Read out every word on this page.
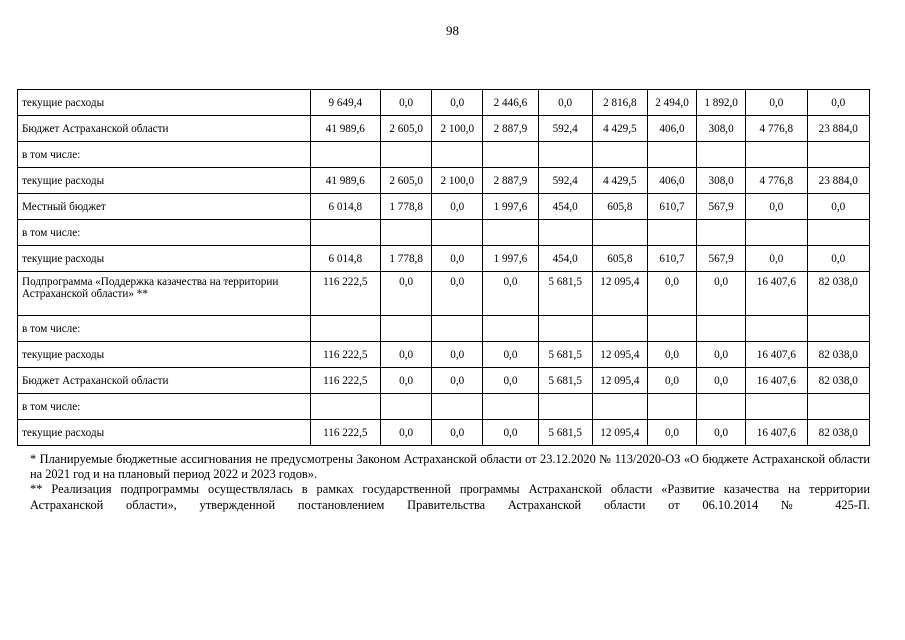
98
текущие расходы	9 649,4	0,0	0,0	2 446,6	0,0	2 816,8	2 494,0	1 892,0	0,0	0,0
Бюджет Астраханской области	41 989,6	2 605,0	2 100,0	2 887,9	592,4	4 429,5	406,0	308,0	4 776,8	23 884,0
в том числе:										
текущие расходы	41 989,6	2 605,0	2 100,0	2 887,9	592,4	4 429,5	406,0	308,0	4 776,8	23 884,0
Местный бюджет	6 014,8	1 778,8	0,0	1 997,6	454,0	605,8	610,7	567,9	0,0	0,0
в том числе:										
текущие расходы	6 014,8	1 778,8	0,0	1 997,6	454,0	605,8	610,7	567,9	0,0	0,0
Подпрограмма «Поддержка казачества на территории Астраханской области» **	116 222,5	0,0	0,0	0,0	5 681,5	12 095,4	0,0	0,0	16 407,6	82 038,0
в том числе:										
текущие расходы	116 222,5	0,0	0,0	0,0	5 681,5	12 095,4	0,0	0,0	16 407,6	82 038,0
Бюджет Астраханской области	116 222,5	0,0	0,0	0,0	5 681,5	12 095,4	0,0	0,0	16 407,6	82 038,0
в том числе:										
текущие расходы	116 222,5	0,0	0,0	0,0	5 681,5	12 095,4	0,0	0,0	16 407,6	82 038,0

* Планируемые бюджетные ассигнования не предусмотрены Законом Астраханской области от 23.12.2020 № 113/2020-ОЗ «О бюджете Астраханской области на 2021 год и на плановый период 2022 и 2023 годов».

** Реализация подпрограммы осуществлялась в рамках государственной программы Астраханской области «Развитие казачества на территории Астраханской области», утвержденной постановлением Правительства Астраханской области от 06.10.2014 № 425-П.
